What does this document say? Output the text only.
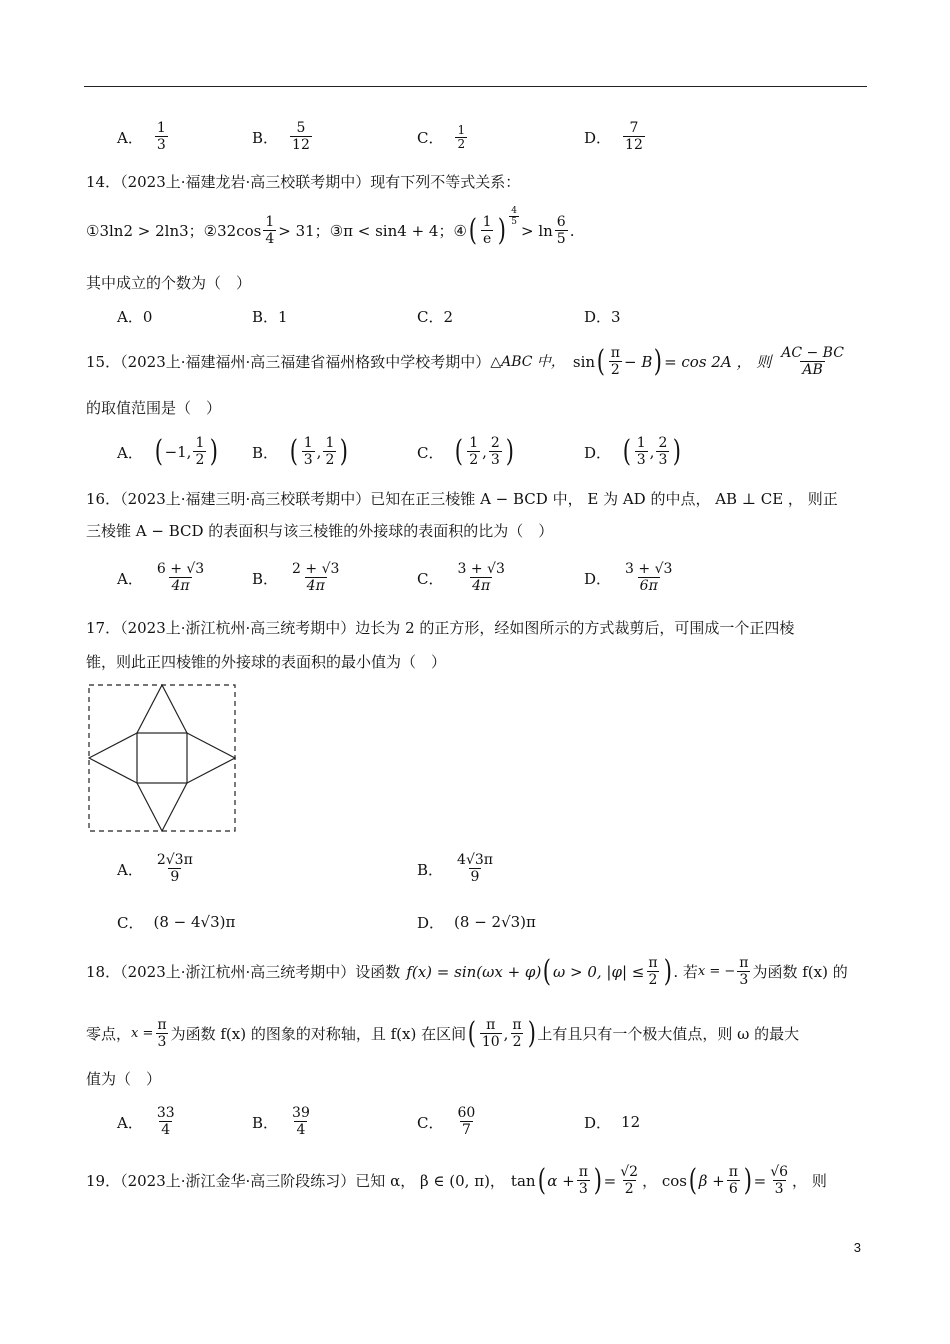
A． $\frac{1}{3}$	B． $\frac{5}{12}$	C． $\frac{1}{2}$	D． $\frac{7}{12}$
14．（2023上·福建龙岩·高三校联考期中）现有下列不等式关系：
①3ln2 > 2ln3； ②32cos $\frac{1}{4} > 31$； ③π < sin4 + 4； ④ ( $\frac{1}{e}$ ) $\frac{4}{5}$
> $\ln \frac{6}{5}$ .
其中成立的个数为（　）
A．0	B．1	C．2	D．3
15．（2023上·福建福州·高三福建省福州格致中学校考期中） △ABC 中， sin ( $\frac{\pi}{2} - B$ ) = cos 2A ， 则 $\frac{AC - BC}{AB}$
的取值范围是（　）
A． ( −1, $\frac{1}{2}$ ) B． ( $\frac{1}{3}$ , $\frac{1}{2}$ )	C． ( $\frac{1}{2}$ , $\frac{2}{3}$ )	D． ( $\frac{1}{3}$ , $\frac{2}{3}$ )
16．（2023上·福建三明·高三校联考期中）已知在正三棱锥 A − BCD 中， E 为 AD 的中点， AB ⊥ CE ， 则正
三棱锥 A − BCD 的表面积与该三棱锥的外接球的表面积的比为（　）
A． $\frac{6 + √3}{4\pi}$	B． $\frac{2 + √3}{4\pi}$	C． $\frac{3 + √3}{4\pi}$	D． $\frac{3 + √3}{6\pi}$
17．（2023上·浙江杭州·高三统考期中）边长为 2 的正方形，经如图所示的方式裁剪后，可围成一个正四棱
锥，则此正四棱锥的外接球的表面积的最小值为（　）
A． $\frac{2√3\pi}{9}$	B． $\frac{4√3\pi}{9}$
C． (8 − 4√3)π	D． (8 − 2√3)π
18．（2023上·浙江杭州·高三统考期中）设函数 f(x) = sin(ωx + φ) ( ω > 0, $|\varphi| \le \frac{\pi}{2}$ ) . 若 x = − $\frac{\pi}{3}$ 为函数 f(x) 的
零点， $x = \frac{\pi}{3}$ 为函数 f(x) 的图象的对称轴，且 f(x) 在区间 ( $\frac{\pi}{10}$ , $\frac{\pi}{2}$ ) 上有且只有一个极大值点，则 ω 的最大
值为（　）
A． $\frac{33}{4}$	B． $\frac{39}{4}$	C． $\frac{60}{7}$	D． 12
19．（2023上·浙江金华·高三阶段练习）已知 α， β ∈ (0, π)， tan ( $\alpha + \frac{\pi}{3}$ ) = $\frac{√2}{2}$ ， cos ( $\beta + \frac{\pi}{6}$ ) = $\frac{√6}{3}$ ， 则
3
